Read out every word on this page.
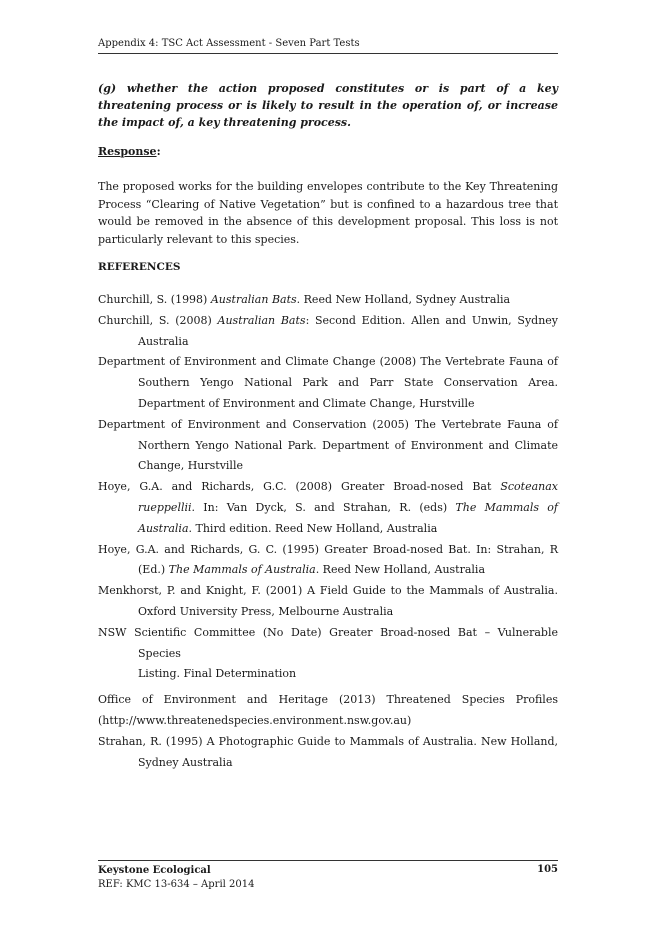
Appendix 4: TSC Act Assessment - Seven Part Tests
(g) whether the action proposed constitutes or is part of a key threatening process or is likely to result in the operation of, or increase the impact of, a key threatening process.
Response:
The proposed works for the building envelopes contribute to the Key Threatening Process “Clearing of Native Vegetation” but is confined to a hazardous tree that would be removed in the absence of this development proposal. This loss is not particularly relevant to this species.
REFERENCES
Churchill, S. (1998) Australian Bats. Reed New Holland, Sydney Australia
Churchill, S. (2008) Australian Bats: Second Edition. Allen and Unwin, Sydney Australia
Department of Environment and Climate Change (2008) The Vertebrate Fauna of Southern Yengo National Park and Parr State Conservation Area. Department of Environment and Climate Change, Hurstville
Department of Environment and Conservation (2005) The Vertebrate Fauna of Northern Yengo National Park. Department of Environment and Climate Change, Hurstville
Hoye, G.A. and Richards, G.C. (2008) Greater Broad-nosed Bat Scoteanax rueppellii. In: Van Dyck, S. and Strahan, R. (eds) The Mammals of Australia. Third edition. Reed New Holland, Australia
Hoye, G.A. and Richards, G. C. (1995) Greater Broad-nosed Bat. In: Strahan, R (Ed.) The Mammals of Australia. Reed New Holland, Australia
Menkhorst, P. and Knight, F. (2001) A Field Guide to the Mammals of Australia. Oxford University Press, Melbourne Australia
NSW Scientific Committee (No Date) Greater Broad-nosed Bat – Vulnerable Species
Listing. Final Determination
Office of Environment and Heritage (2013) Threatened Species Profiles
(http://www.threatenedspecies.environment.nsw.gov.au)
Strahan, R. (1995) A Photographic Guide to Mammals of Australia. New Holland, Sydney Australia
Keystone Ecological
REF: KMC 13-634 – April 2014
105
